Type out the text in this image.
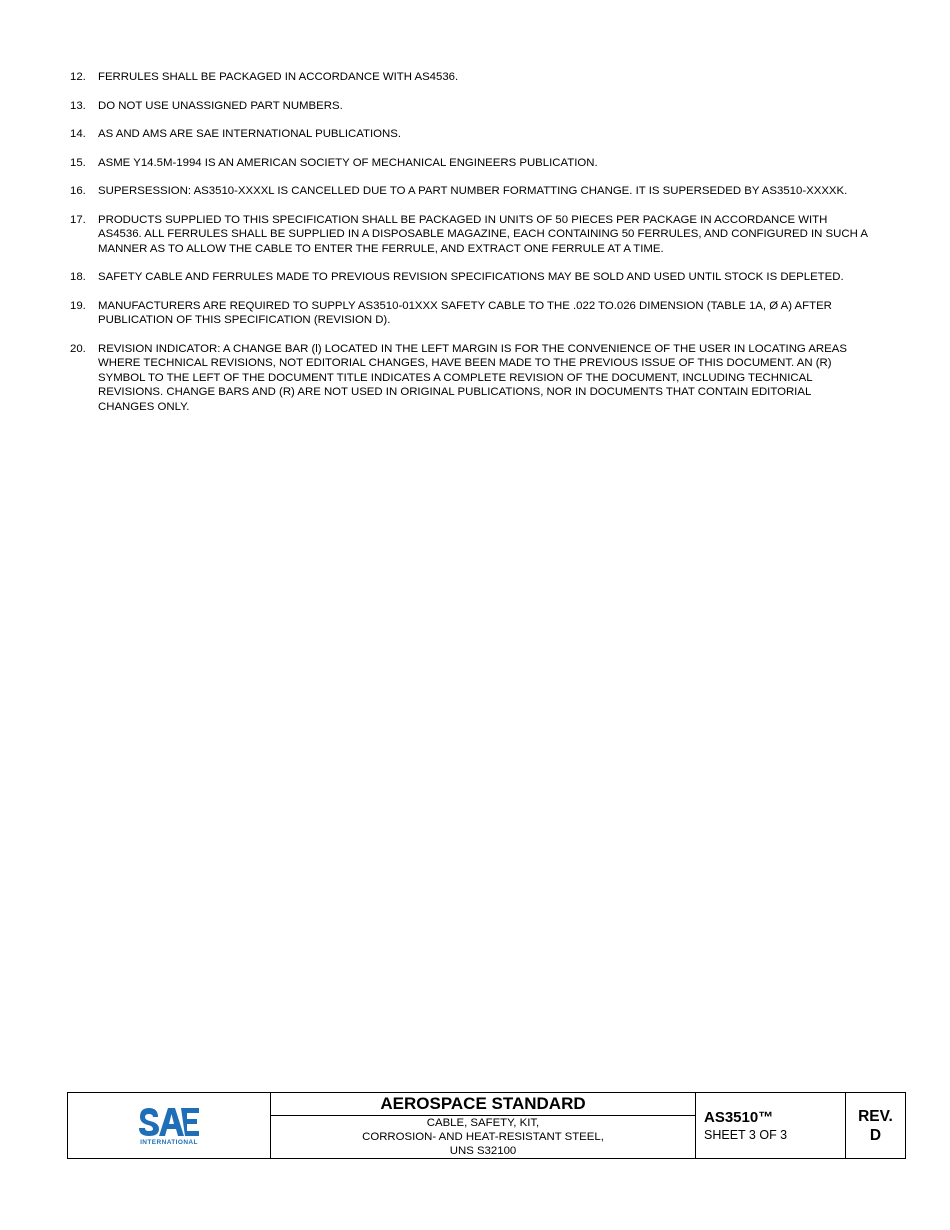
12.	FERRULES SHALL BE PACKAGED IN ACCORDANCE WITH AS4536.
13.	DO NOT USE UNASSIGNED PART NUMBERS.
14.	AS AND AMS ARE SAE INTERNATIONAL PUBLICATIONS.
15.	ASME Y14.5M-1994 IS AN AMERICAN SOCIETY OF MECHANICAL ENGINEERS PUBLICATION.
16.	SUPERSESSION: AS3510-XXXXL IS CANCELLED DUE TO A PART NUMBER FORMATTING CHANGE. IT IS SUPERSEDED BY AS3510-XXXXK.
17.	PRODUCTS SUPPLIED TO THIS SPECIFICATION SHALL BE PACKAGED IN UNITS OF 50 PIECES PER PACKAGE IN ACCORDANCE WITH AS4536. ALL FERRULES SHALL BE SUPPLIED IN A DISPOSABLE MAGAZINE, EACH CONTAINING 50 FERRULES, AND CONFIGURED IN SUCH A MANNER AS TO ALLOW THE CABLE TO ENTER THE FERRULE, AND EXTRACT ONE FERRULE AT A TIME.
18.	SAFETY CABLE AND FERRULES MADE TO PREVIOUS REVISION SPECIFICATIONS MAY BE SOLD AND USED UNTIL STOCK IS DEPLETED.
19.	MANUFACTURERS ARE REQUIRED TO SUPPLY AS3510-01XXX SAFETY CABLE TO THE .022 TO.026 DIMENSION (TABLE 1A, Ø A) AFTER PUBLICATION OF THIS SPECIFICATION (REVISION D).
20.	REVISION INDICATOR: A CHANGE BAR (l) LOCATED IN THE LEFT MARGIN IS FOR THE CONVENIENCE OF THE USER IN LOCATING AREAS WHERE TECHNICAL REVISIONS, NOT EDITORIAL CHANGES, HAVE BEEN MADE TO THE PREVIOUS ISSUE OF THIS DOCUMENT. AN (R) SYMBOL TO THE LEFT OF THE DOCUMENT TITLE INDICATES A COMPLETE REVISION OF THE DOCUMENT, INCLUDING TECHNICAL REVISIONS. CHANGE BARS AND (R) ARE NOT USED IN ORIGINAL PUBLICATIONS, NOR IN DOCUMENTS THAT CONTAIN EDITORIAL CHANGES ONLY.
INTERNATIONAL
AEROSPACE STANDARD
CABLE, SAFETY, KIT,
CORROSION- AND HEAT-RESISTANT STEEL,
UNS S32100
AS3510™
SHEET 3 OF 3
REV.
D
